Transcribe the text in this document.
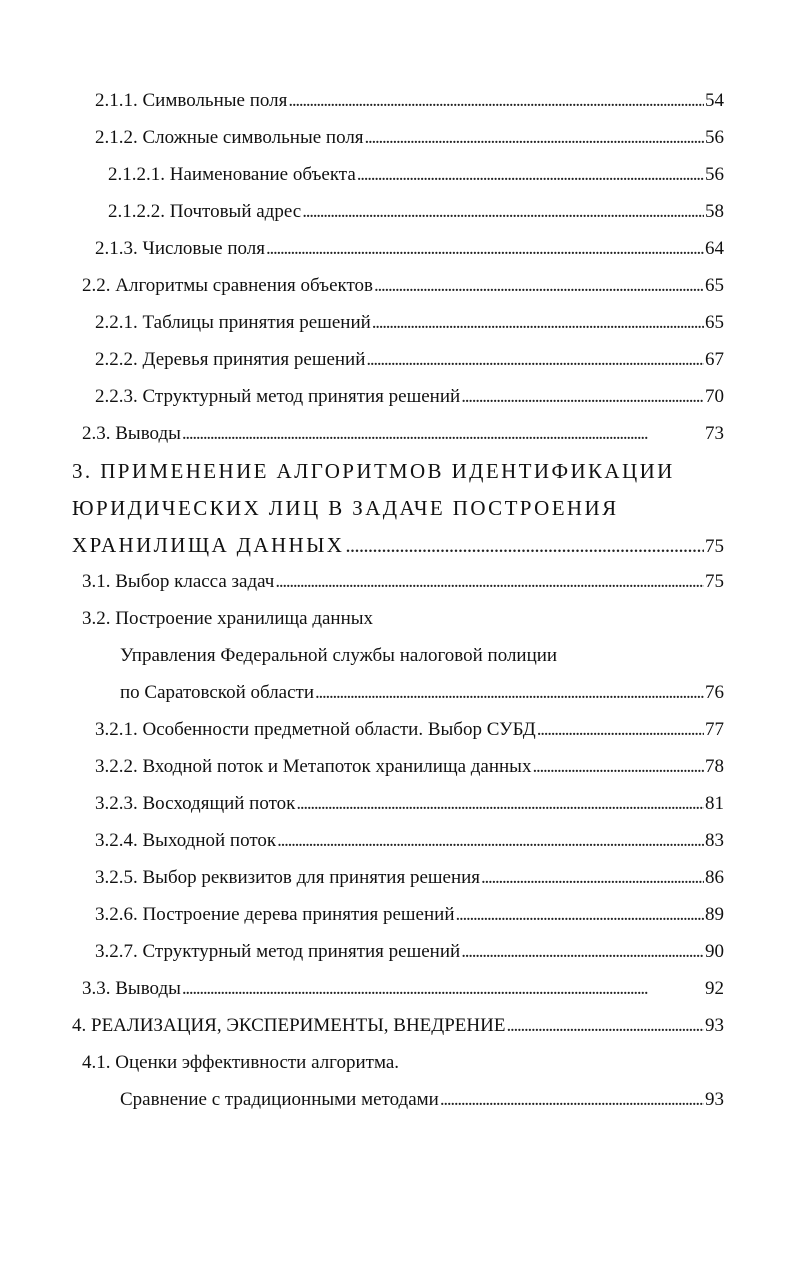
2.1.1. Символьные поля . . .	54
2.1.2. Сложные символьные поля . . .	56
2.1.2.1. Наименование объекта . . .	56
2.1.2.2. Почтовый адрес . . .	58
2.1.3. Числовые поля . . .	64
2.2. Алгоритмы сравнения объектов . . .	65
2.2.1. Таблицы принятия решений . . .	65
2.2.2. Деревья принятия решений . . .	67
2.2.3. Структурный метод принятия решений . . .	70
2.3. Выводы . . .	73
3. ПРИМЕНЕНИЕ АЛГОРИТМОВ ИДЕНТИФИКАЦИИ
ЮРИДИЧЕСКИХ ЛИЦ В ЗАДАЧЕ ПОСТРОЕНИЯ
ХРАНИЛИЩА ДАННЫХ . . .	75
3.1. Выбор класса задач . . .	75
3.2. Построение хранилища данных
Управления Федеральной службы налоговой полиции
по Саратовской области . . .	76
3.2.1. Особенности предметной области. Выбор СУБД . . .	77
3.2.2. Входной поток и Метапоток хранилища данных . . .	78
3.2.3. Восходящий поток . . .	81
3.2.4. Выходной поток . . .	83
3.2.5. Выбор реквизитов для принятия решения . . .	86
3.2.6. Построение дерева принятия решений . . .	89
3.2.7. Структурный метод принятия решений . . .	90
3.3. Выводы . . .	92
4. РЕАЛИЗАЦИЯ, ЭКСПЕРИМЕНТЫ, ВНЕДРЕНИЕ . . .	93
4.1. Оценки эффективности алгоритма.
Сравнение с традиционными методами . . .	93
